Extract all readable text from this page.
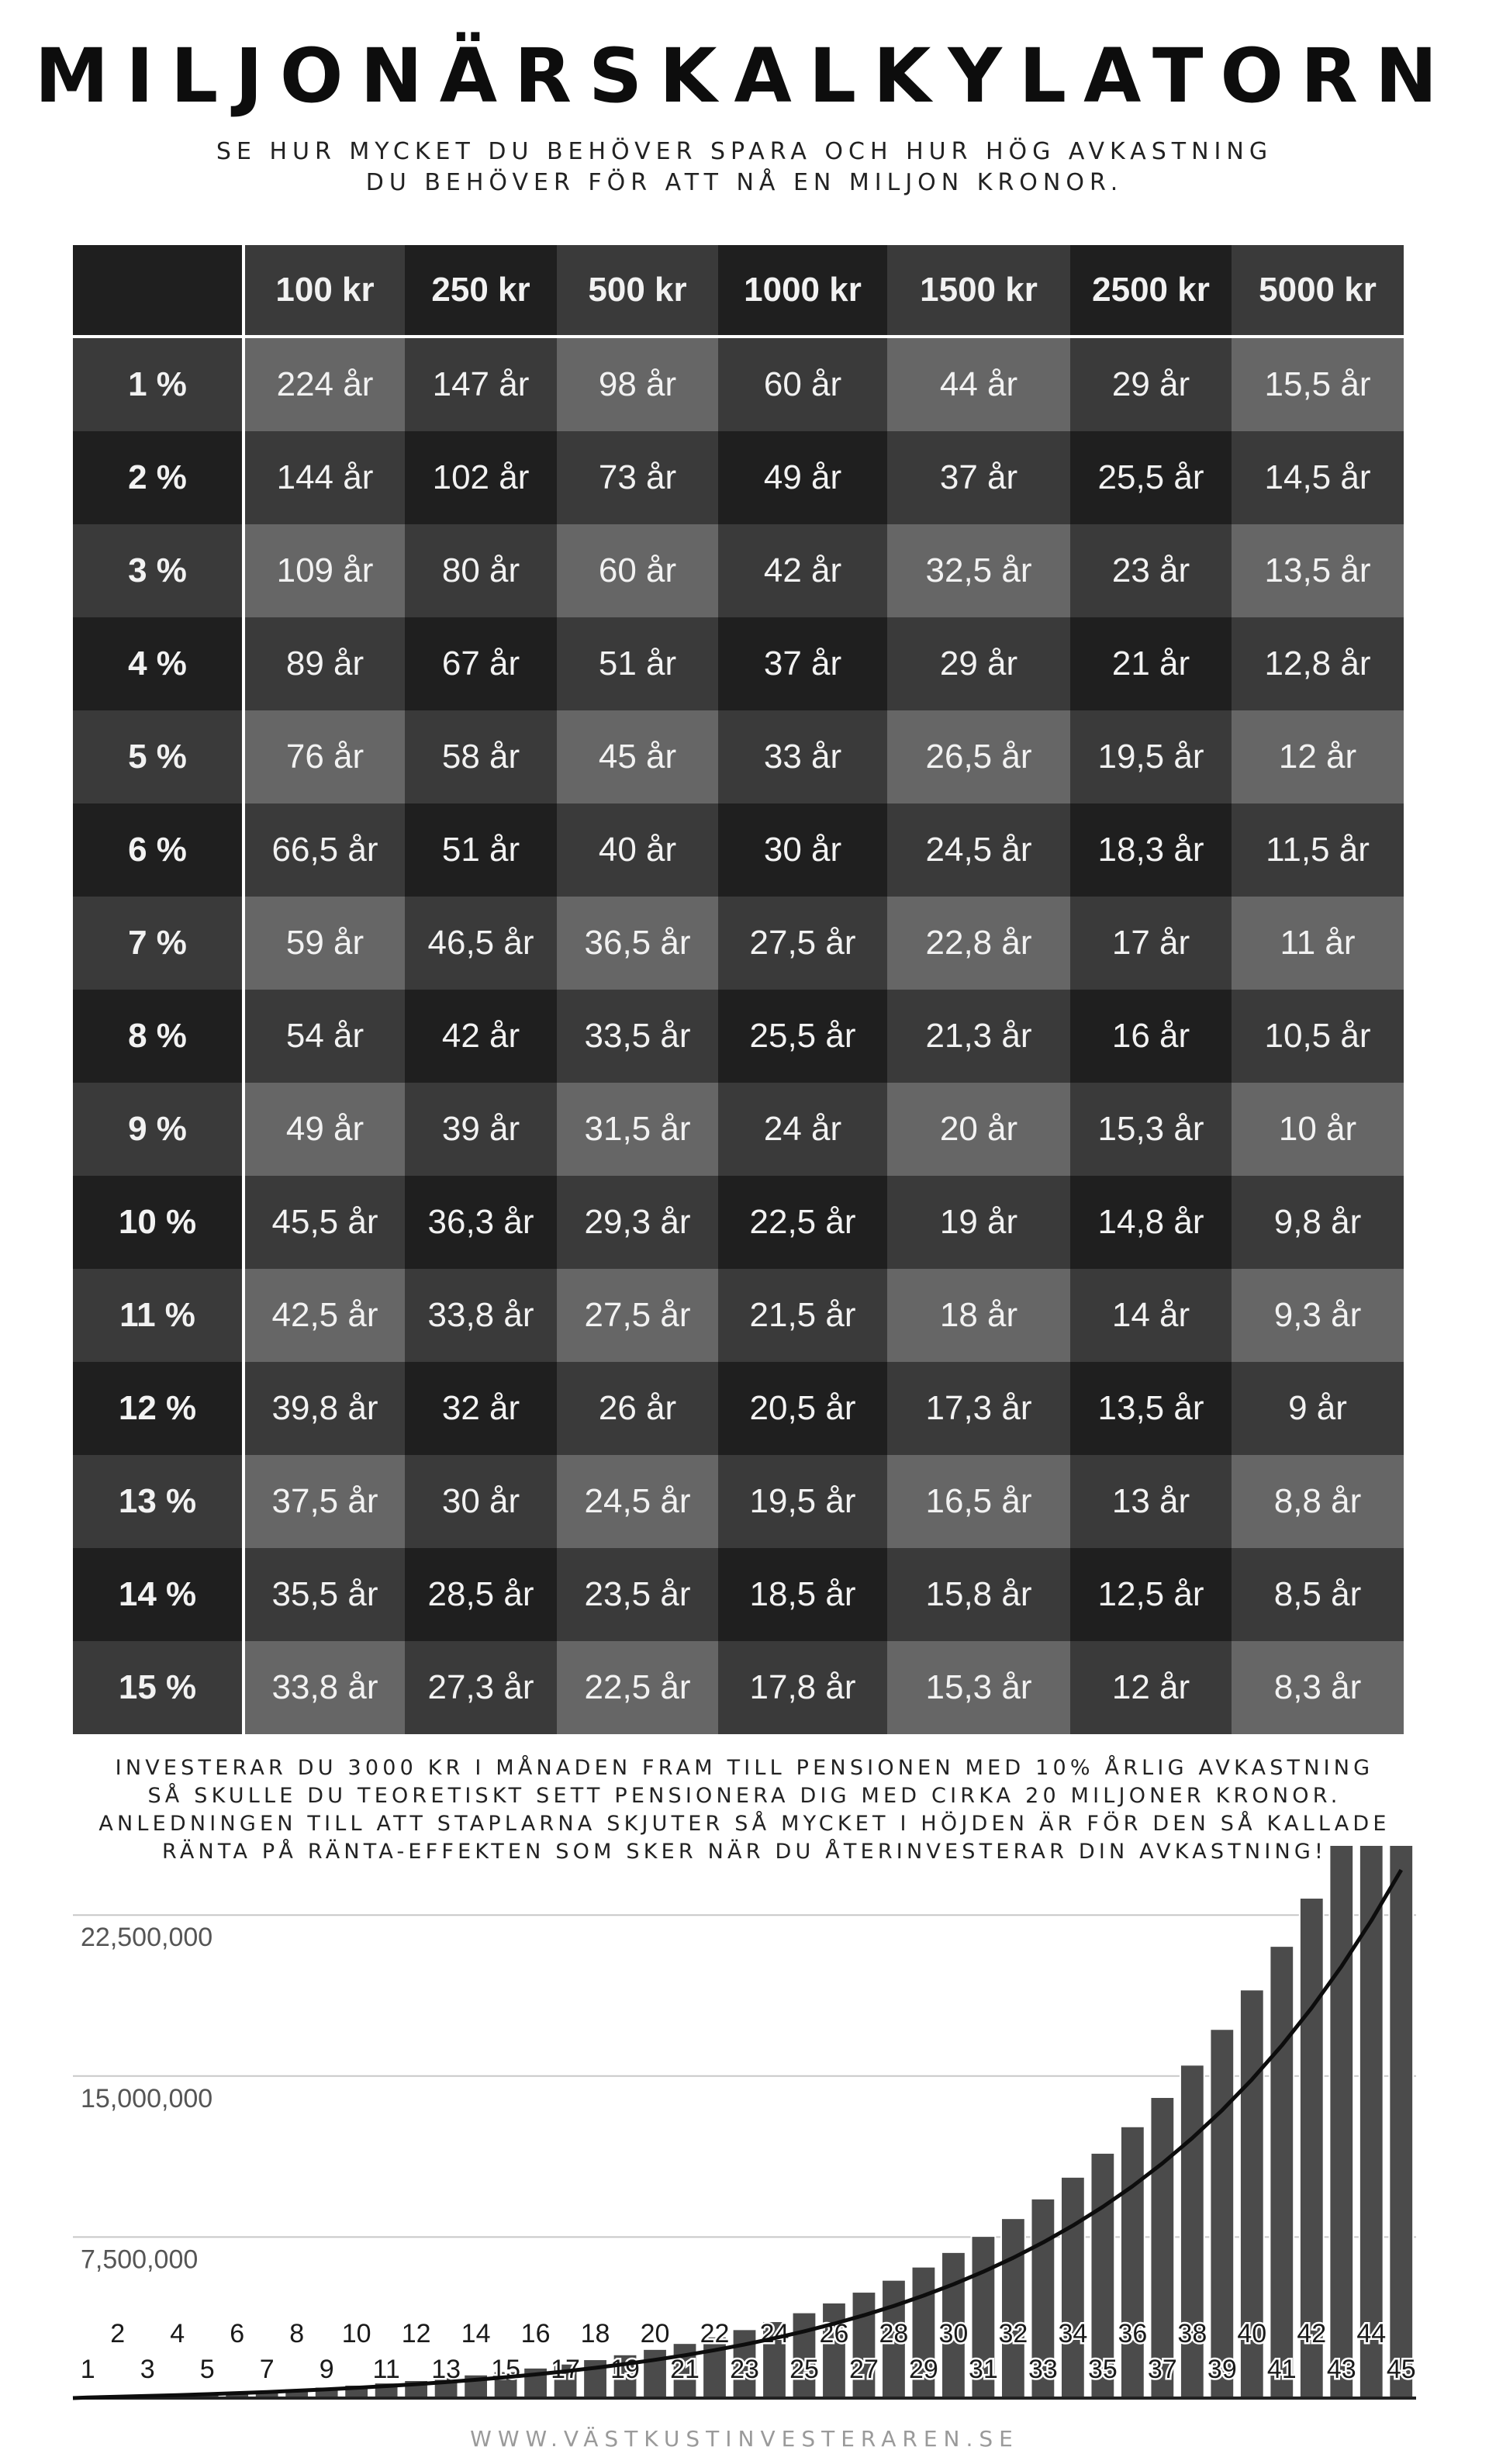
MILJONÄRSKALKYLATORN
SE HUR MYCKET DU BEHÖVER SPARA OCH HUR HÖG AVKASTNING
DU BEHÖVER FÖR ATT NÅ EN MILJON KRONOR.
	100 kr	250 kr	500 kr	1000 kr	1500 kr	2500 kr	5000 kr
1 %	224 år	147 år	98 år	60 år	44 år	29 år	15,5 år
2 %	144 år	102 år	73 år	49 år	37 år	25,5 år	14,5 år
3 %	109 år	80 år	60 år	42 år	32,5 år	23 år	13,5 år
4 %	89 år	67 år	51 år	37 år	29 år	21 år	12,8 år
5 %	76 år	58 år	45 år	33 år	26,5 år	19,5 år	12 år
6 %	66,5 år	51 år	40 år	30 år	24,5 år	18,3 år	11,5 år
7 %	59 år	46,5 år	36,5 år	27,5 år	22,8 år	17 år	11 år
8 %	54 år	42 år	33,5 år	25,5 år	21,3 år	16 år	10,5 år
9 %	49 år	39 år	31,5 år	24 år	20 år	15,3 år	10 år
10 %	45,5 år	36,3 år	29,3 år	22,5 år	19 år	14,8 år	9,8 år
11 %	42,5 år	33,8 år	27,5 år	21,5 år	18 år	14 år	9,3 år
12 %	39,8 år	32 år	26 år	20,5 år	17,3 år	13,5 år	9 år
13 %	37,5 år	30 år	24,5 år	19,5 år	16,5 år	13 år	8,8 år
14 %	35,5 år	28,5 år	23,5 år	18,5 år	15,8 år	12,5 år	8,5 år
15 %	33,8 år	27,3 år	22,5 år	17,8 år	15,3 år	12 år	8,3 år
INVESTERAR DU 3000 KR I MÅNADEN FRAM TILL PENSIONEN MED 10% ÅRLIG AVKASTNING
SÅ SKULLE DU TEORETISKT SETT PENSIONERA DIG MED CIRKA 20 MILJONER KRONOR.
ANLEDNINGEN TILL ATT STAPLARNA SKJUTER SÅ MYCKET I HÖJDEN ÄR FÖR DEN SÅ KALLADE
RÄNTA PÅ RÄNTA-EFFEKTEN SOM SKER NÄR DU ÅTERINVESTERAR DIN AVKASTNING!
7,500,000
15,000,000
22,500,000
1
2
3
4
5
6
7
8
9
10
11
12
13
14
15
16
17
18
19
20
21
22
23
24
25
26
27
28
29
30
31
32
33
34
35
36
37
38
39
40
41
42
43
44
45
WWW.VÄSTKUSTINVESTERAREN.SE
